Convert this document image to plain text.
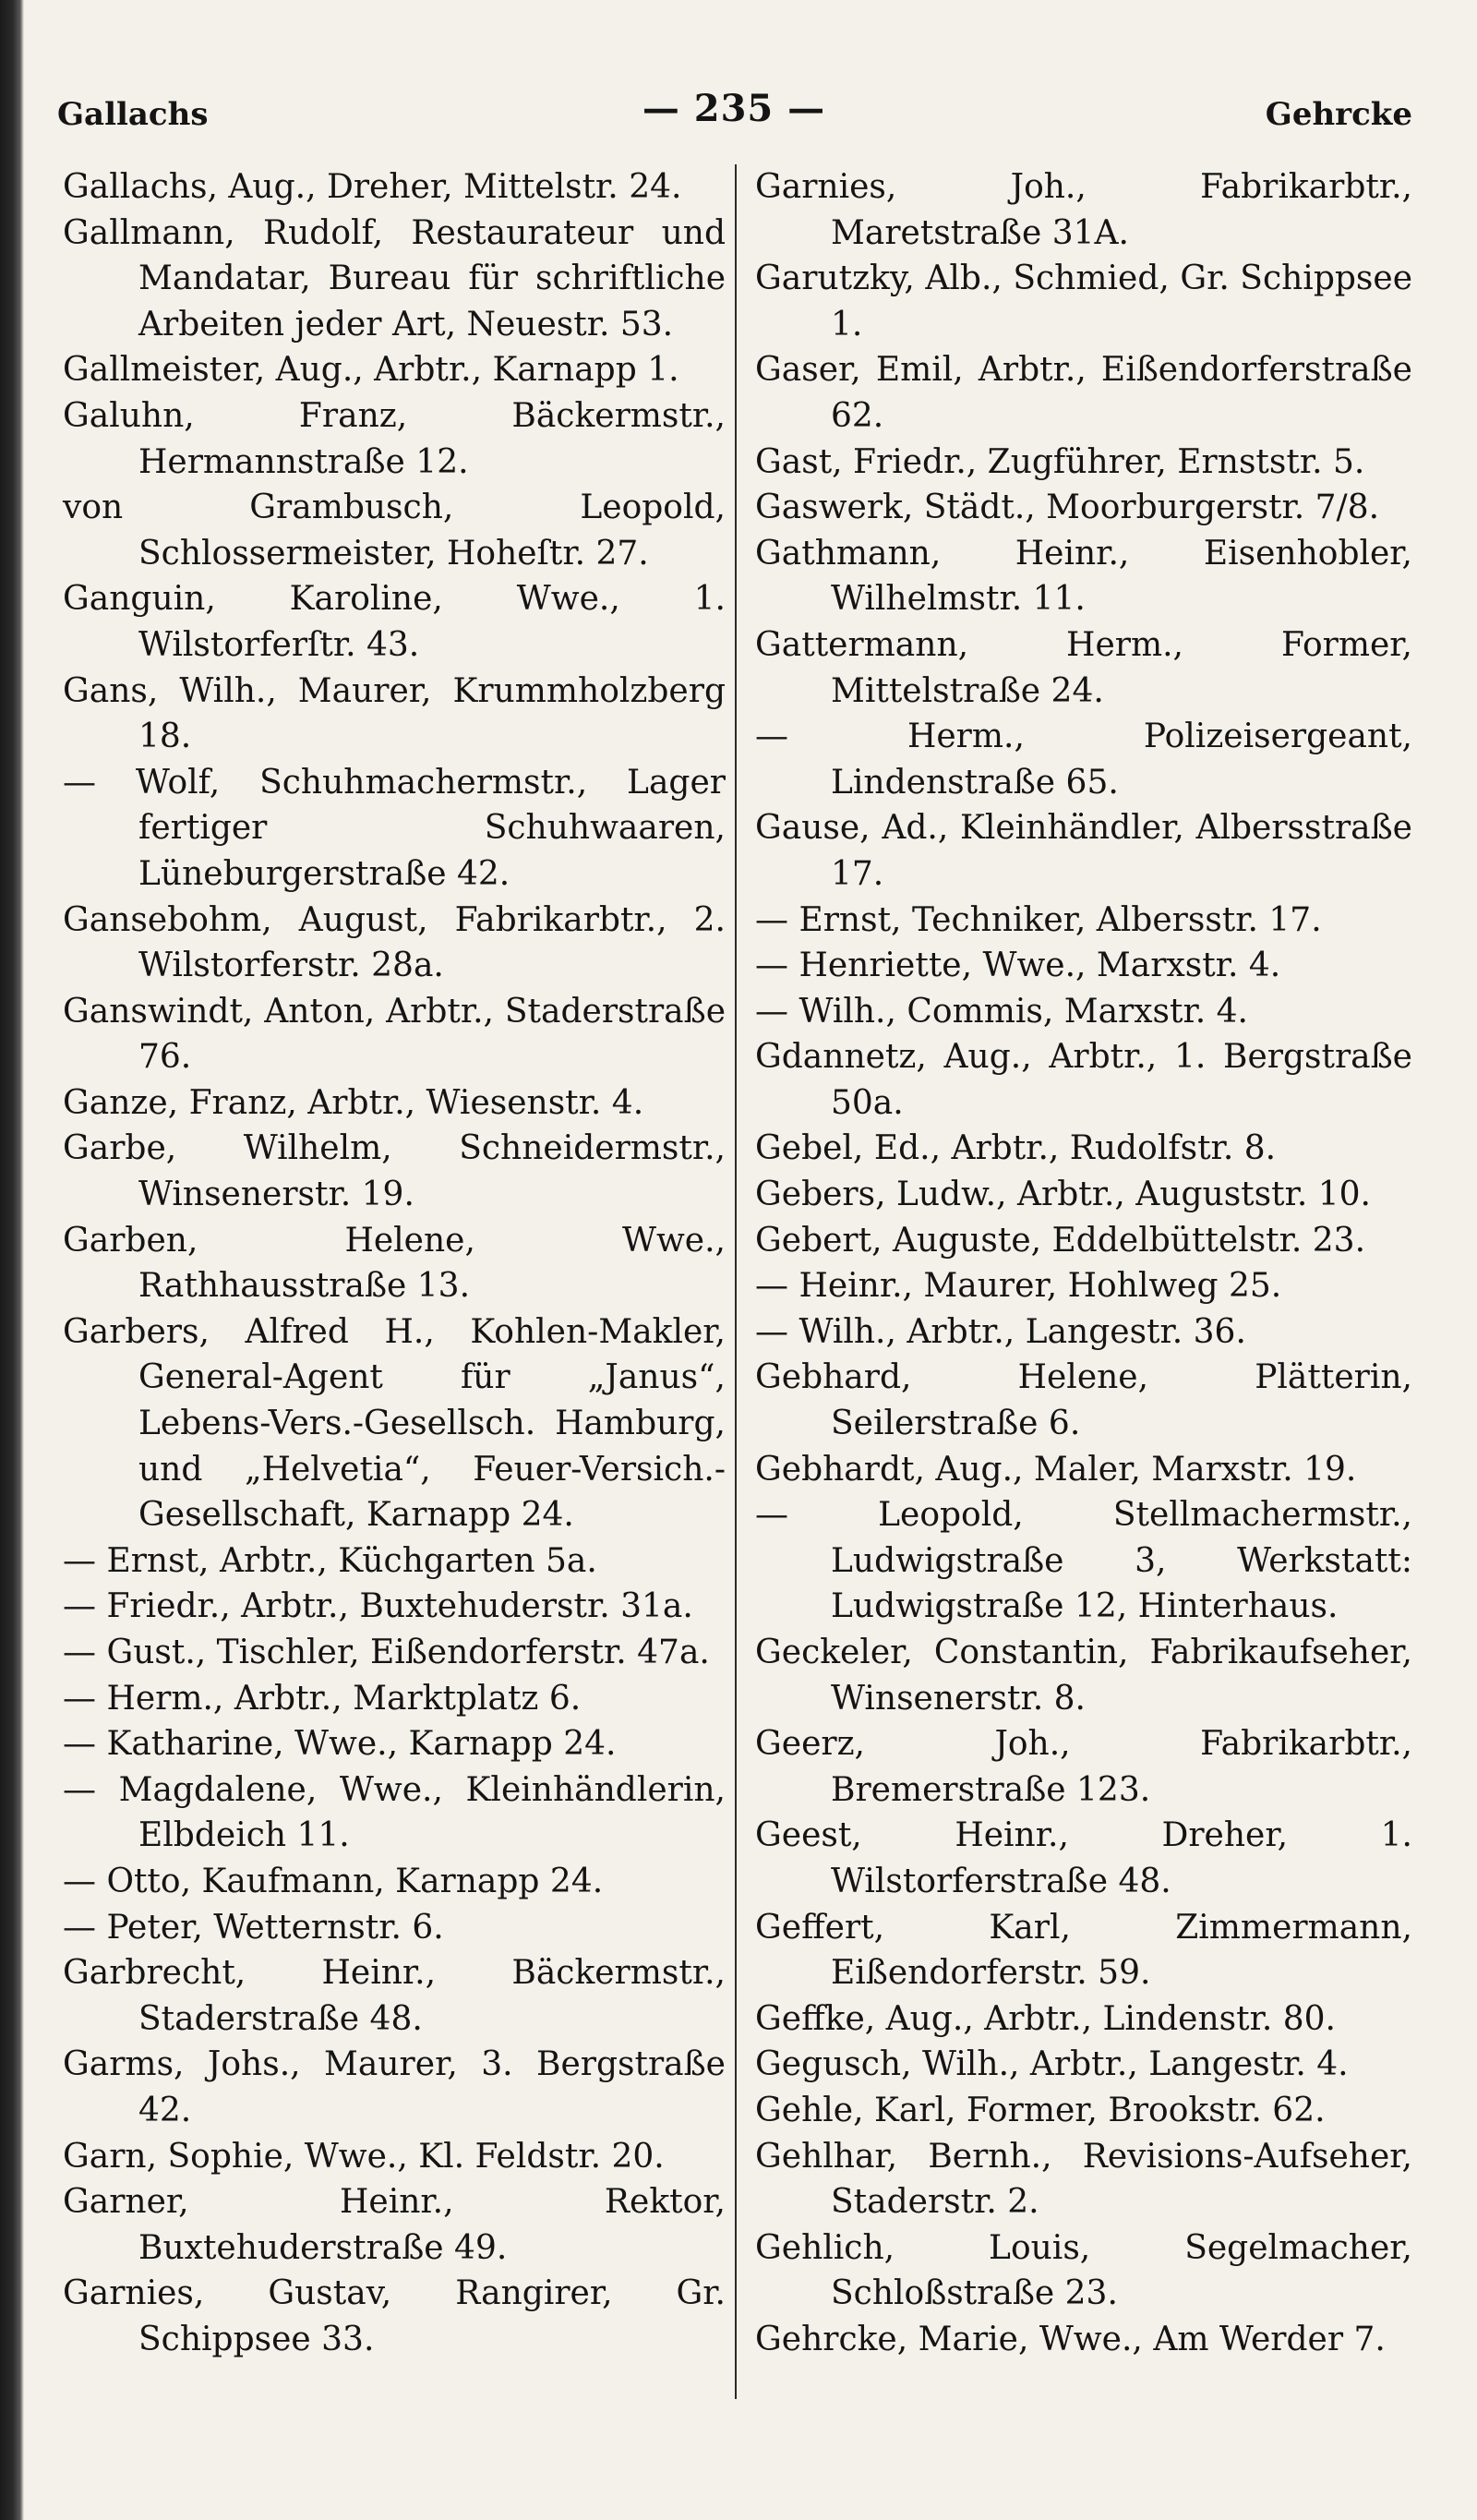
Gallachs	— 235 —	Gehrcke

Gallachs, Aug., Dreher, Mittelstr. 24.

Gallmann, Rudolf, Restaurateur und Mandatar, Bureau für schriftliche Arbeiten jeder Art, Neuestr. 53.

Gallmeister, Aug., Arbtr., Karnapp 1.

Galuhn, Franz, Bäckermstr., Hermannstraße 12.

von Grambusch, Leopold, Schlossermeister, Hoheſtr. 27.

Ganguin, Karoline, Wwe., 1. Wilstorferſtr. 43.

Gans, Wilh., Maurer, Krummholzberg 18.

— Wolf, Schuhmachermstr., Lager fertiger Schuhwaaren, Lüneburgerstraße 42.

Gansebohm, August, Fabrikarbtr., 2. Wilstorferstr. 28a.

Ganswindt, Anton, Arbtr., Staderstraße 76.

Ganze, Franz, Arbtr., Wiesenstr. 4.

Garbe, Wilhelm, Schneidermstr., Winsenerstr. 19.

Garben, Helene, Wwe., Rathhausstraße 13.

Garbers, Alfred H., Kohlen-Makler, General-Agent für „Janus“, Lebens-Vers.-Gesellsch. Hamburg, und „Helvetia“, Feuer-Versich.-Gesellschaft, Karnapp 24.

— Ernst, Arbtr., Küchgarten 5a.

— Friedr., Arbtr., Buxtehuderstr. 31a.

— Gust., Tischler, Eißendorferstr. 47a.

— Herm., Arbtr., Marktplatz 6.

— Katharine, Wwe., Karnapp 24.

— Magdalene, Wwe., Kleinhändlerin, Elbdeich 11.

— Otto, Kaufmann, Karnapp 24.

— Peter, Wetternstr. 6.

Garbrecht, Heinr., Bäckermstr., Staderstraße 48.

Garms, Johs., Maurer, 3. Bergstraße 42.

Garn, Sophie, Wwe., Kl. Feldstr. 20.

Garner, Heinr., Rektor, Buxtehuderstraße 49.

Garnies, Gustav, Rangirer, Gr. Schippsee 33.

Garnies, Joh., Fabrikarbtr., Maretstraße 31A.

Garutzky, Alb., Schmied, Gr. Schippsee 1.

Gaser, Emil, Arbtr., Eißendorferstraße 62.

Gast, Friedr., Zugführer, Ernststr. 5.

Gaswerk, Städt., Moorburgerstr. 7/8.

Gathmann, Heinr., Eisenhobler, Wilhelmstr. 11.

Gattermann, Herm., Former, Mittelstraße 24.

— Herm., Polizeisergeant, Lindenstraße 65.

Gause, Ad., Kleinhändler, Albersstraße 17.

— Ernst, Techniker, Albersstr. 17.

— Henriette, Wwe., Marxstr. 4.

— Wilh., Commis, Marxstr. 4.

Gdannetz, Aug., Arbtr., 1. Bergstraße 50a.

Gebel, Ed., Arbtr., Rudolfstr. 8.

Gebers, Ludw., Arbtr., Auguststr. 10.

Gebert, Auguste, Eddelbüttelstr. 23.

— Heinr., Maurer, Hohlweg 25.

— Wilh., Arbtr., Langestr. 36.

Gebhard, Helene, Plätterin, Seilerstraße 6.

Gebhardt, Aug., Maler, Marxstr. 19.

— Leopold, Stellmachermstr., Ludwigstraße 3, Werkstatt: Ludwigstraße 12, Hinterhaus.

Geckeler, Constantin, Fabrikaufseher, Winsenerstr. 8.

Geerz, Joh., Fabrikarbtr., Bremerstraße 123.

Geest, Heinr., Dreher, 1. Wilstorferstraße 48.

Geffert, Karl, Zimmermann, Eißendorferstr. 59.

Geffke, Aug., Arbtr., Lindenstr. 80.

Gegusch, Wilh., Arbtr., Langestr. 4.

Gehle, Karl, Former, Brookstr. 62.

Gehlhar, Bernh., Revisions-Aufseher, Staderstr. 2.

Gehlich, Louis, Segelmacher, Schloßstraße 23.

Gehrcke, Marie, Wwe., Am Werder 7.
